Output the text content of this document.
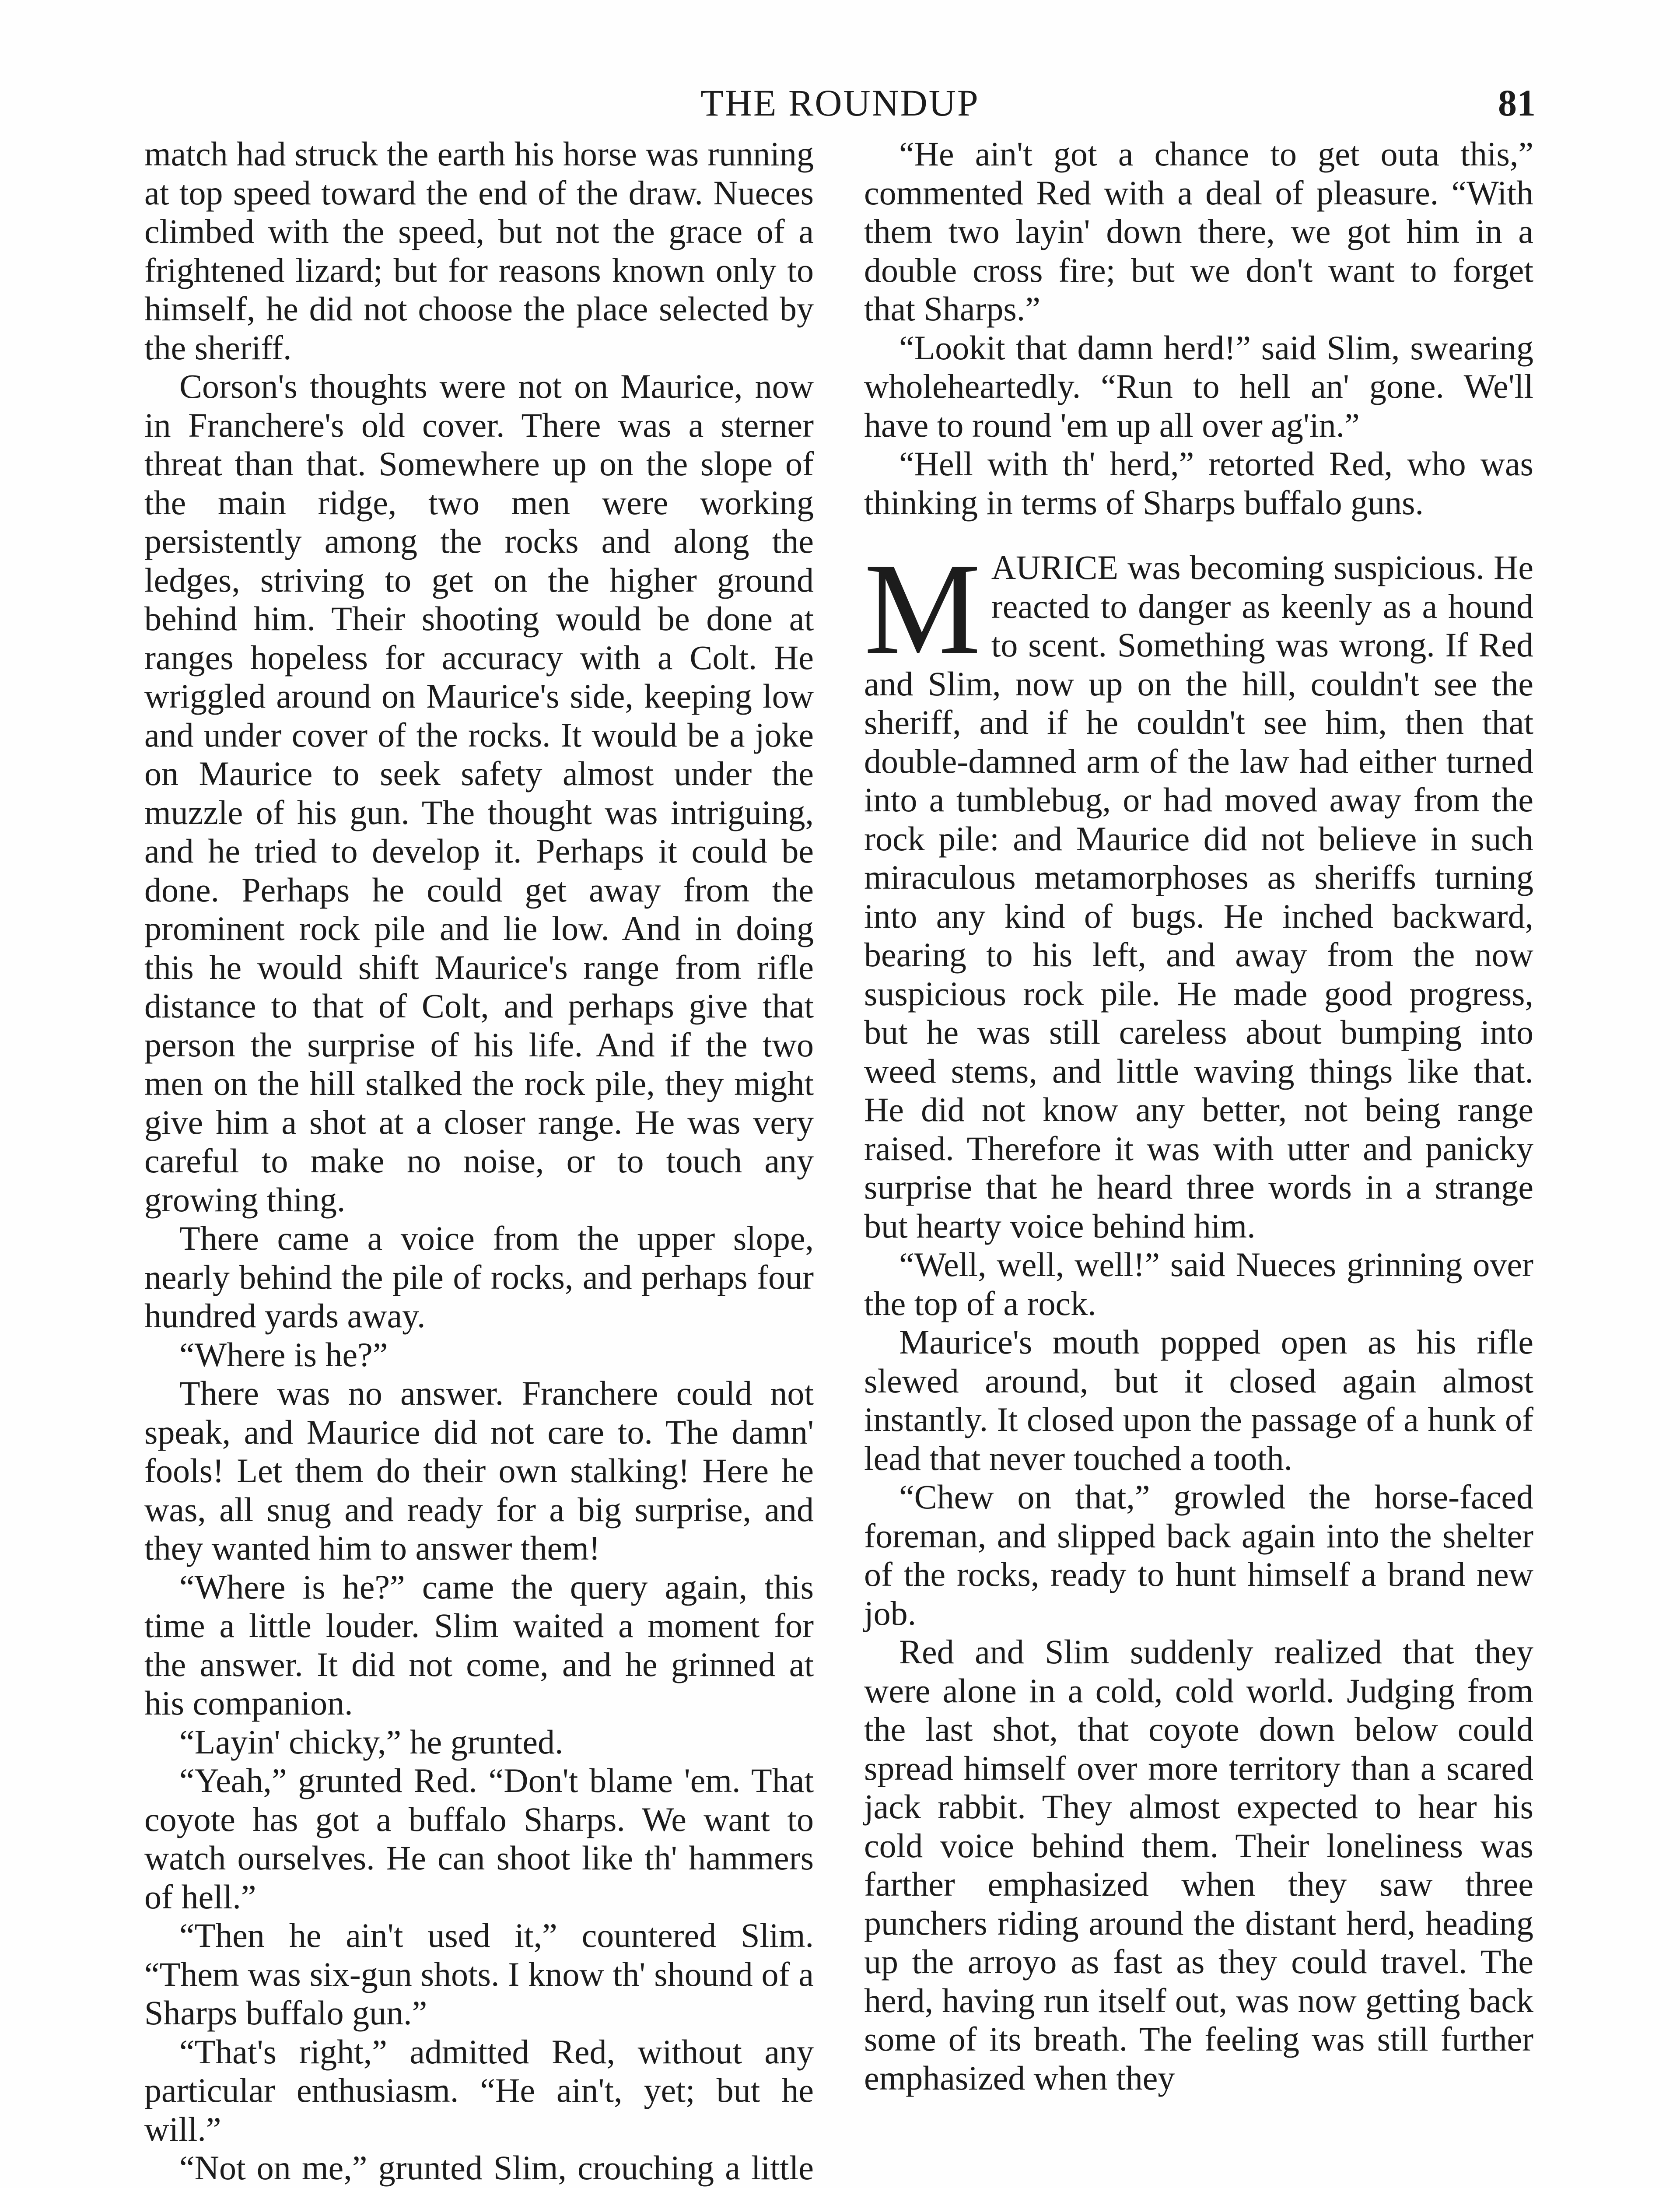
THE ROUNDUP	81

match had struck the earth his horse was running at top speed toward the end of the draw. Nueces climbed with the speed, but not the grace of a frightened lizard; but for reasons known only to himself, he did not choose the place selected by the sheriff.

Corson's thoughts were not on Maurice, now in Franchere's old cover. There was a sterner threat than that. Somewhere up on the slope of the main ridge, two men were working persistently among the rocks and along the ledges, striving to get on the higher ground behind him. Their shooting would be done at ranges hopeless for accuracy with a Colt. He wriggled around on Maurice's side, keeping low and under cover of the rocks. It would be a joke on Maurice to seek safety almost under the muzzle of his gun. The thought was intriguing, and he tried to develop it. Perhaps it could be done. Perhaps he could get away from the prominent rock pile and lie low. And in doing this he would shift Maurice's range from rifle distance to that of Colt, and perhaps give that person the surprise of his life. And if the two men on the hill stalked the rock pile, they might give him a shot at a closer range. He was very careful to make no noise, or to touch any growing thing.

There came a voice from the upper slope, nearly behind the pile of rocks, and perhaps four hundred yards away.

“Where is he?”

There was no answer. Franchere could not speak, and Maurice did not care to. The damn' fools! Let them do their own stalking! Here he was, all snug and ready for a big surprise, and they wanted him to answer them!

“Where is he?” came the query again, this time a little louder. Slim waited a moment for the answer. It did not come, and he grinned at his companion.

“Layin' chicky,” he grunted.

“Yeah,” grunted Red. “Don't blame 'em. That coyote has got a buffalo Sharps. We want to watch ourselves. He can shoot like th' hammers of hell.”

“Then he ain't used it,” countered Slim. “Them was six-gun shots. I know th' shound of a Sharps buffalo gun.”

“That's right,” admitted Red, without any particular enthusiasm. “He ain't, yet; but he will.”

“Not on me,” grunted Slim, crouching a little

“He ain't got a chance to get outa this,” commented Red with a deal of pleasure. “With them two layin' down there, we got him in a double cross fire; but we don't want to forget that Sharps.”

“Lookit that damn herd!” said Slim, swearing wholeheartedly. “Run to hell an' gone. We'll have to round 'em up all over ag'in.”

“Hell with th' herd,” retorted Red, who was thinking in terms of Sharps buffalo guns.

MAURICE was becoming suspicious. He reacted to danger as keenly as a hound to scent. Something was wrong. If Red and Slim, now up on the hill, couldn't see the sheriff, and if he couldn't see him, then that double-damned arm of the law had either turned into a tumblebug, or had moved away from the rock pile: and Maurice did not believe in such miraculous metamorphoses as sheriffs turning into any kind of bugs. He inched backward, bearing to his left, and away from the now suspicious rock pile. He made good progress, but he was still careless about bumping into weed stems, and little waving things like that. He did not know any better, not being range raised. Therefore it was with utter and panicky surprise that he heard three words in a strange but hearty voice behind him.

“Well, well, well!” said Nueces grinning over the top of a rock.

Maurice's mouth popped open as his rifle slewed around, but it closed again almost instantly. It closed upon the passage of a hunk of lead that never touched a tooth.

“Chew on that,” growled the horse-faced foreman, and slipped back again into the shelter of the rocks, ready to hunt himself a brand new job.

Red and Slim suddenly realized that they were alone in a cold, cold world. Judging from the last shot, that coyote down below could spread himself over more territory than a scared jack rabbit. They almost expected to hear his cold voice behind them. Their loneliness was farther emphasized when they saw three punchers riding around the distant herd, heading up the arroyo as fast as they could travel. The herd, having run itself out, was now getting back some of its breath. The feeling was still further emphasized when they
